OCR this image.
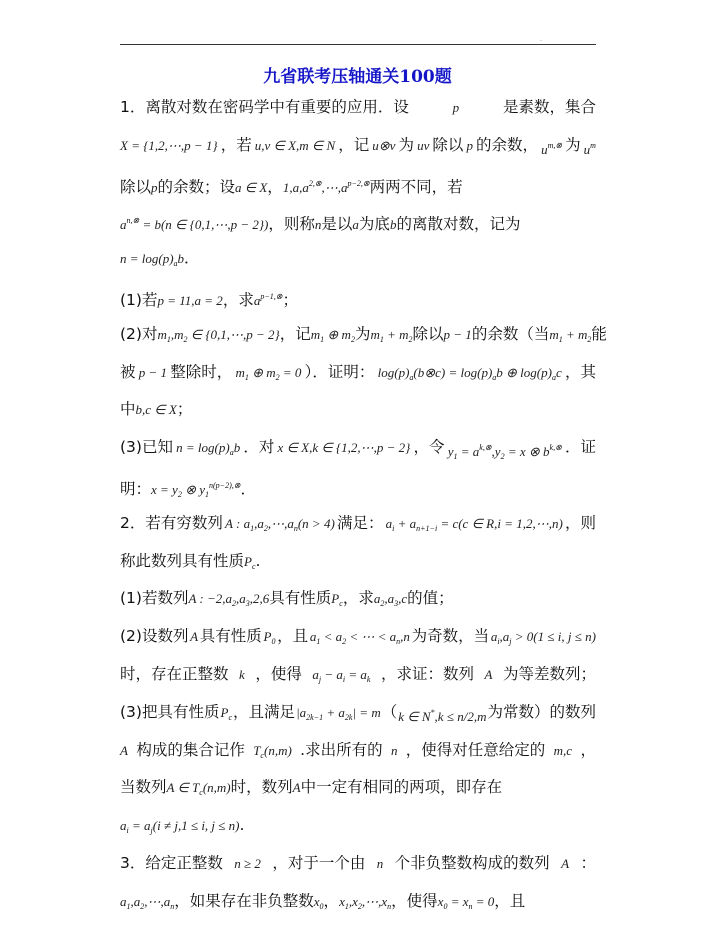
.
九省联考压轴通关100题
1．离散对数在密码学中有重要的应用．设	p	是素数，集合
X = {1,2,⋯,p − 1} ，若 u,v ∈ X,m ∈ N ，记 u⊗v 为 uv 除以 p 的余数， $u^{m,\otimes}$ 为 $u^m$
除以p的余数；设a ∈ X，$1,a,a^{2,\otimes},\cdots,a^{p-2,\otimes}$两两不同，若
$a^{n,\otimes} = b(n$ ∈ {0,1,⋯,p − 2})，则称n是以a为底b的离散对数，记为
$n = \log(p)_ab$．
(1)若p = 11,a = 2，求$a^{p-1,\otimes}$；
(2)对 $m_1,m_2$ ∈ {0,1,⋯,p − 2} ，记 $m_1$ ⊕ $m_2$ 为 $m_1 + m_2$ 除以 p − 1 的余数（当 $m_1 + m_2$ 能
被 p − 1 整除时， $m_1$ ⊕ $m_2 = 0$ ）．证明： $\log(p)_a(b\otimes c) = \log(p)_ab$ ⊕ $\log(p)_ac$ ，其
中b,c ∈ X；
(3)已知 $n = \log(p)_ab$ ．对 x ∈ X,k ∈ {1,2,⋯,p − 2} ，令 $y_1 = a^{k,\otimes},y_2 = x$ ⊗ $b^{k,\otimes}$ ．证
明：$x = y_2$ ⊗ $y_1^{n(p-2),\otimes}$．
2．若有穷数列 A : $a_1,a_2,\cdots,a_n(n > 4)$ 满足： $a_i + a_{n+1-i} = c(c$ ∈ R,i = 1,2,⋯,n) ，则
称此数列具有性质$P_c$.
(1)若数列A : $-2,a_2,a_3,2,6$具有性质$P_c$，求$a_2,a_3,c$的值；
(2)设数列 A 具有性质 $P_0$ ，且 $a_1 < a_2$ < ⋯ < $a_n,n$ 为奇数，当 $a_i,a_j > 0(1 \le i$, j ≤ n)
时，存在正整数 k ，使得 $a_j - a_i = a_k$ ，求证：数列 A 为等差数列；
(3)把具有性质 $P_c$ ，且满足 $|a_{2k-1} + a_{2k}| = m$ （ k ∈ N*,k ≤ n/2,m 为常数）的数列
A 构成的集合记作 $T_c(n,m)$ .求出所有的 n ，使得对任意给定的 m,c ，
当数列A ∈ $T_c(n,m)$时，数列A中一定有相同的两项，即存在
$a_i = a_j(i \ne j,1 \le i$, j ≤ n).
3．给定正整数 n ≥ 2 ，对于一个由 n 个非负整数构成的数列 A ：
$a_1,a_2,\cdots,a_n$，如果存在非负整数$x_0$，$x_1,x_2,\cdots,x_n$，使得$x_0 = x_n = 0$，且
